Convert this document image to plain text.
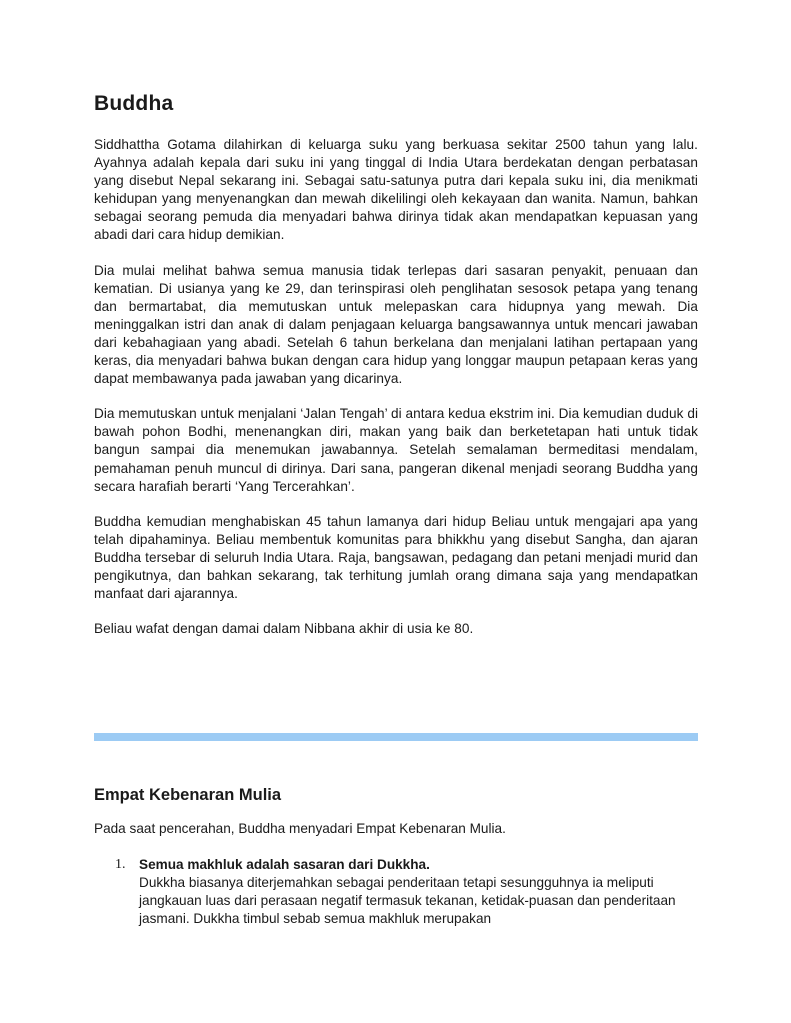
Buddha

Siddhattha Gotama dilahirkan di keluarga suku yang berkuasa sekitar 2500 tahun yang lalu. Ayahnya adalah kepala dari suku ini yang tinggal di India Utara berdekatan dengan perbatasan yang disebut Nepal sekarang ini. Sebagai satu-satunya putra dari kepala suku ini, dia menikmati kehidupan yang menyenangkan dan mewah dikelilingi oleh kekayaan dan wanita. Namun, bahkan sebagai seorang pemuda dia menyadari bahwa dirinya tidak akan mendapatkan kepuasan yang abadi dari cara hidup demikian.

Dia mulai melihat bahwa semua manusia tidak terlepas dari sasaran penyakit, penuaan dan kematian. Di usianya yang ke 29, dan terinspirasi oleh penglihatan sesosok petapa yang tenang dan bermartabat, dia memutuskan untuk melepaskan cara hidupnya yang mewah. Dia meninggalkan istri dan anak di dalam penjagaan keluarga bangsawannya untuk mencari jawaban dari kebahagiaan yang abadi. Setelah 6 tahun berkelana dan menjalani latihan pertapaan yang keras, dia menyadari bahwa bukan dengan cara hidup yang longgar maupun petapaan keras yang dapat membawanya pada jawaban yang dicarinya.

Dia memutuskan untuk menjalani ‘Jalan Tengah’ di antara kedua ekstrim ini. Dia kemudian duduk di bawah pohon Bodhi, menenangkan diri, makan yang baik dan berketetapan hati untuk tidak bangun sampai dia menemukan jawabannya. Setelah semalaman bermeditasi mendalam, pemahaman penuh muncul di dirinya. Dari sana, pangeran dikenal menjadi seorang Buddha yang secara harafiah berarti ‘Yang Tercerahkan’.

Buddha kemudian menghabiskan 45 tahun lamanya dari hidup Beliau untuk mengajari apa yang telah dipahaminya. Beliau membentuk komunitas para bhikkhu yang disebut Sangha, dan ajaran Buddha tersebar di seluruh India Utara. Raja, bangsawan, pedagang dan petani menjadi murid dan pengikutnya, dan bahkan sekarang, tak terhitung jumlah orang dimana saja yang mendapatkan manfaat dari ajarannya.

Beliau wafat dengan damai dalam Nibbana akhir di usia ke 80.

Empat Kebenaran Mulia

Pada saat pencerahan, Buddha menyadari Empat Kebenaran Mulia.

1. Semua makhluk adalah sasaran dari Dukkha.
Dukkha biasanya diterjemahkan sebagai penderitaan tetapi sesungguhnya ia meliputi jangkauan luas dari perasaan negatif termasuk tekanan, ketidak-puasan dan penderitaan jasmani. Dukkha timbul sebab semua makhluk merupakan
